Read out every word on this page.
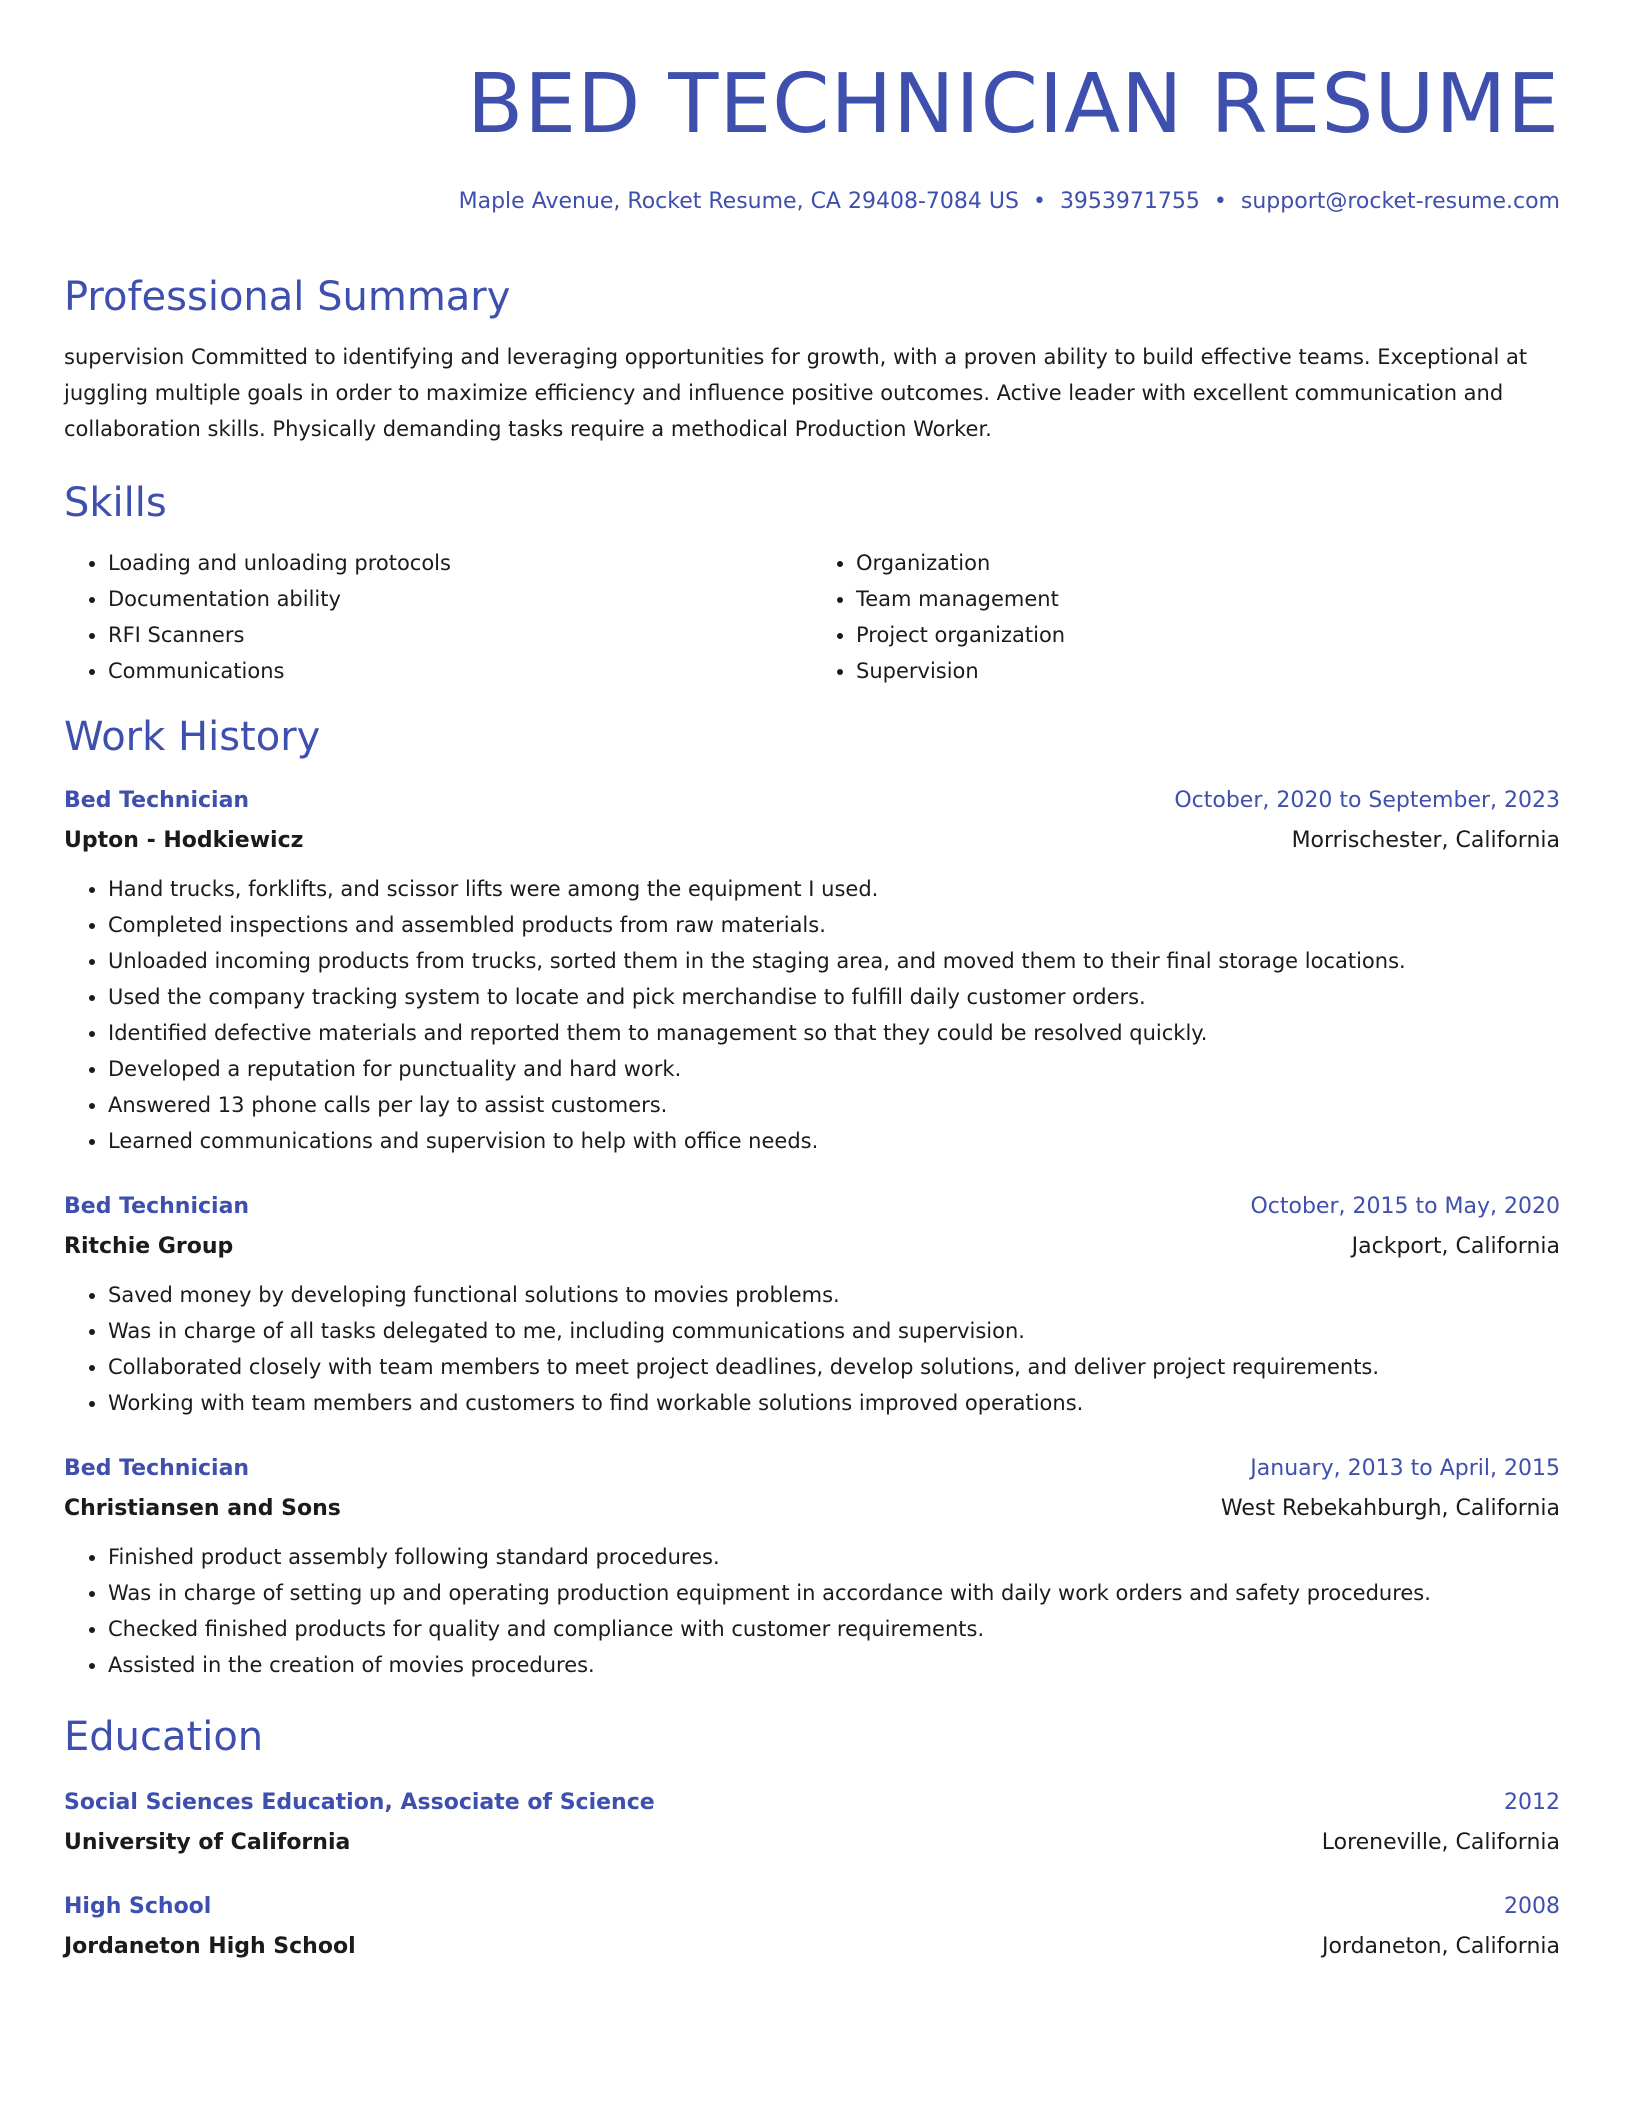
BED TECHNICIAN RESUME
Maple Avenue, Rocket Resume, CA 29408-7084 US • 3953971755 • support@rocket-resume.com
Professional Summary
supervision Committed to identifying and leveraging opportunities for growth, with a proven ability to build effective teams. Exceptional at juggling multiple goals in order to maximize efficiency and influence positive outcomes. Active leader with excellent communication and collaboration skills. Physically demanding tasks require a methodical Production Worker.
Skills
• Loading and unloading protocols
• Documentation ability
• RFI Scanners
• Communications
• Organization
• Team management
• Project organization
• Supervision
Work History
Bed Technician	October, 2020 to September, 2023
Upton - Hodkiewicz	Morrischester, California
• Hand trucks, forklifts, and scissor lifts were among the equipment I used.
• Completed inspections and assembled products from raw materials.
• Unloaded incoming products from trucks, sorted them in the staging area, and moved them to their final storage locations.
• Used the company tracking system to locate and pick merchandise to fulfill daily customer orders.
• Identified defective materials and reported them to management so that they could be resolved quickly.
• Developed a reputation for punctuality and hard work.
• Answered 13 phone calls per lay to assist customers.
• Learned communications and supervision to help with office needs.
Bed Technician	October, 2015 to May, 2020
Ritchie Group	Jackport, California
• Saved money by developing functional solutions to movies problems.
• Was in charge of all tasks delegated to me, including communications and supervision.
• Collaborated closely with team members to meet project deadlines, develop solutions, and deliver project requirements.
• Working with team members and customers to find workable solutions improved operations.
Bed Technician	January, 2013 to April, 2015
Christiansen and Sons	West Rebekahburgh, California
• Finished product assembly following standard procedures.
• Was in charge of setting up and operating production equipment in accordance with daily work orders and safety procedures.
• Checked finished products for quality and compliance with customer requirements.
• Assisted in the creation of movies procedures.
Education
Social Sciences Education, Associate of Science	2012
University of California	Loreneville, California
High School	2008
Jordaneton High School	Jordaneton, California
